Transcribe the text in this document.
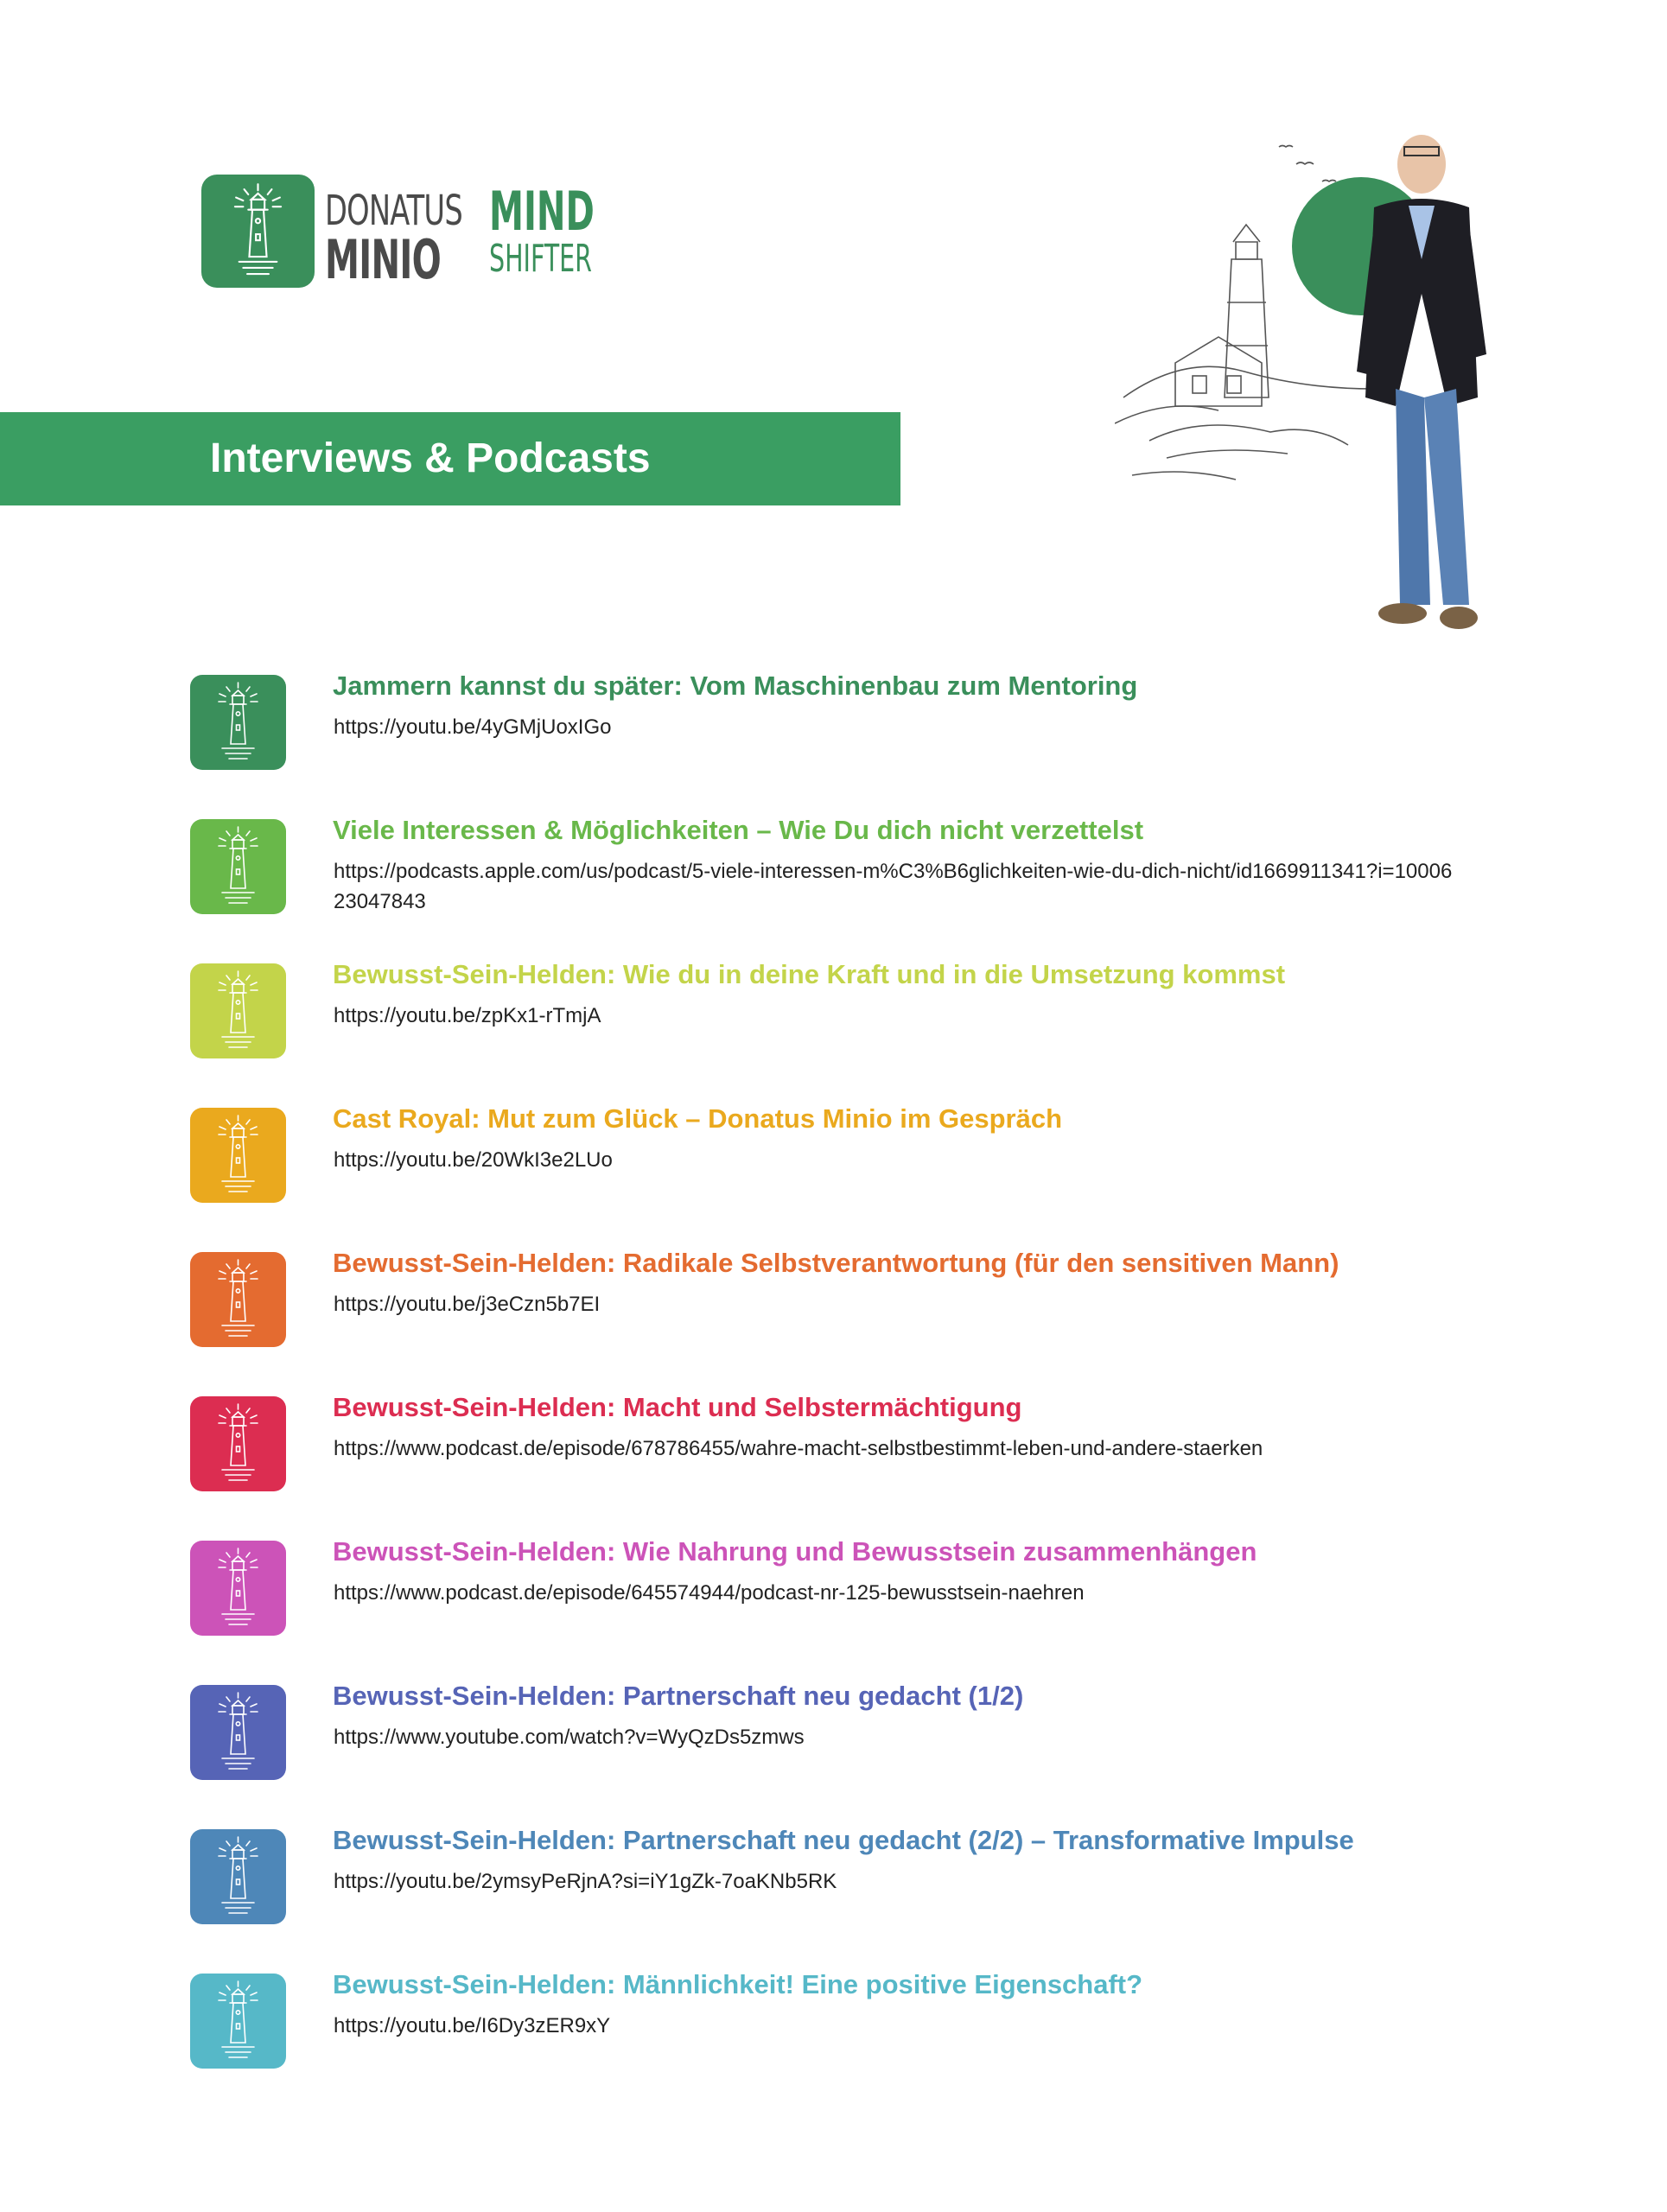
DONATUS
MINIO
MIND
SHIFTER
Interviews & Podcasts
Jammern kannst du später: Vom Maschinenbau zum Mentoring
https://youtu.be/4yGMjUoxIGo
Viele Interessen & Möglichkeiten – Wie Du dich nicht verzettelst
https://podcasts.apple.com/us/podcast/5-viele-interessen-m%C3%B6glichkeiten-wie-du-dich-nicht/id1669911341?i=1000623047843
Bewusst-Sein-Helden: Wie du in deine Kraft und in die Umsetzung kommst
https://youtu.be/zpKx1-rTmjA
Cast Royal: Mut zum Glück – Donatus Minio im Gespräch
https://youtu.be/20WkI3e2LUo
Bewusst-Sein-Helden: Radikale Selbstverantwortung (für den sensitiven Mann)
https://youtu.be/j3eCzn5b7EI
Bewusst-Sein-Helden: Macht und Selbstermächtigung
https://www.podcast.de/episode/678786455/wahre-macht-selbstbestimmt-leben-und-andere-staerken
Bewusst-Sein-Helden: Wie Nahrung und Bewusstsein zusammenhängen
https://www.podcast.de/episode/645574944/podcast-nr-125-bewusstsein-naehren
Bewusst-Sein-Helden: Partnerschaft neu gedacht (1/2)
https://www.youtube.com/watch?v=WyQzDs5zmws
Bewusst-Sein-Helden: Partnerschaft neu gedacht (2/2) – Transformative Impulse
https://youtu.be/2ymsyPeRjnA?si=iY1gZk-7oaKNb5RK
Bewusst-Sein-Helden: Männlichkeit! Eine positive Eigenschaft?
https://youtu.be/I6Dy3zER9xY
